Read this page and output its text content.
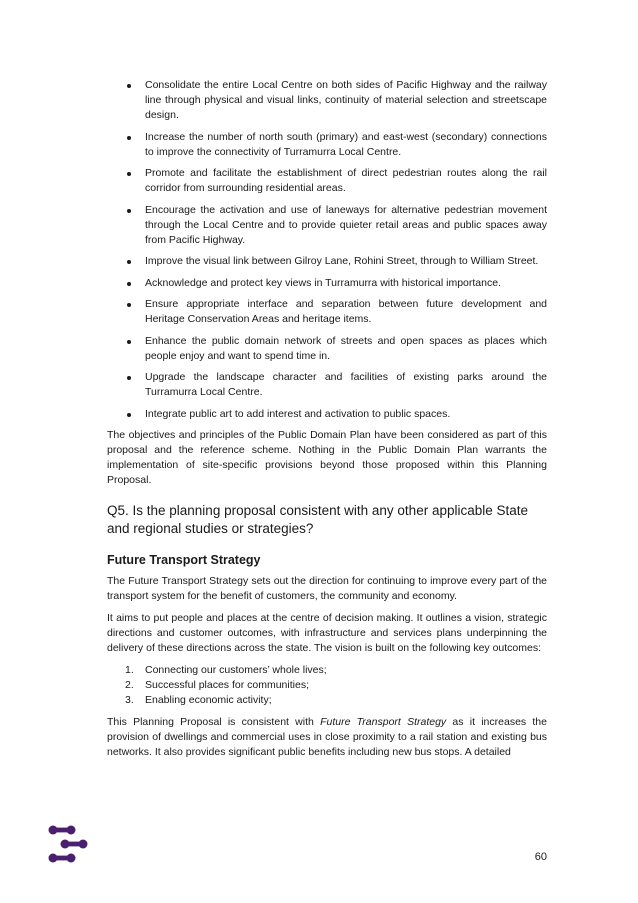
Consolidate the entire Local Centre on both sides of Pacific Highway and the railway line through physical and visual links, continuity of material selection and streetscape design.
Increase the number of north south (primary) and east-west (secondary) connections to improve the connectivity of Turramurra Local Centre.
Promote and facilitate the establishment of direct pedestrian routes along the rail corridor from surrounding residential areas.
Encourage the activation and use of laneways for alternative pedestrian movement through the Local Centre and to provide quieter retail areas and public spaces away from Pacific Highway.
Improve the visual link between Gilroy Lane, Rohini Street, through to William Street.
Acknowledge and protect key views in Turramurra with historical importance.
Ensure appropriate interface and separation between future development and Heritage Conservation Areas and heritage items.
Enhance the public domain network of streets and open spaces as places which people enjoy and want to spend time in.
Upgrade the landscape character and facilities of existing parks around the Turramurra Local Centre.
Integrate public art to add interest and activation to public spaces.

The objectives and principles of the Public Domain Plan have been considered as part of this proposal and the reference scheme. Nothing in the Public Domain Plan warrants the implementation of site-specific provisions beyond those proposed within this Planning Proposal.

Q5. Is the planning proposal consistent with any other applicable State and regional studies or strategies?
Future Transport Strategy

The Future Transport Strategy sets out the direction for continuing to improve every part of the transport system for the benefit of customers, the community and economy.

It aims to put people and places at the centre of decision making. It outlines a vision, strategic directions and customer outcomes, with infrastructure and services plans underpinning the delivery of these directions across the state. The vision is built on the following key outcomes:

1. Connecting our customers’ whole lives;
2. Successful places for communities;
3. Enabling economic activity;

This Planning Proposal is consistent with Future Transport Strategy as it increases the provision of dwellings and commercial uses in close proximity to a rail station and existing bus networks. It also provides significant public benefits including new bus stops. A detailed

60
